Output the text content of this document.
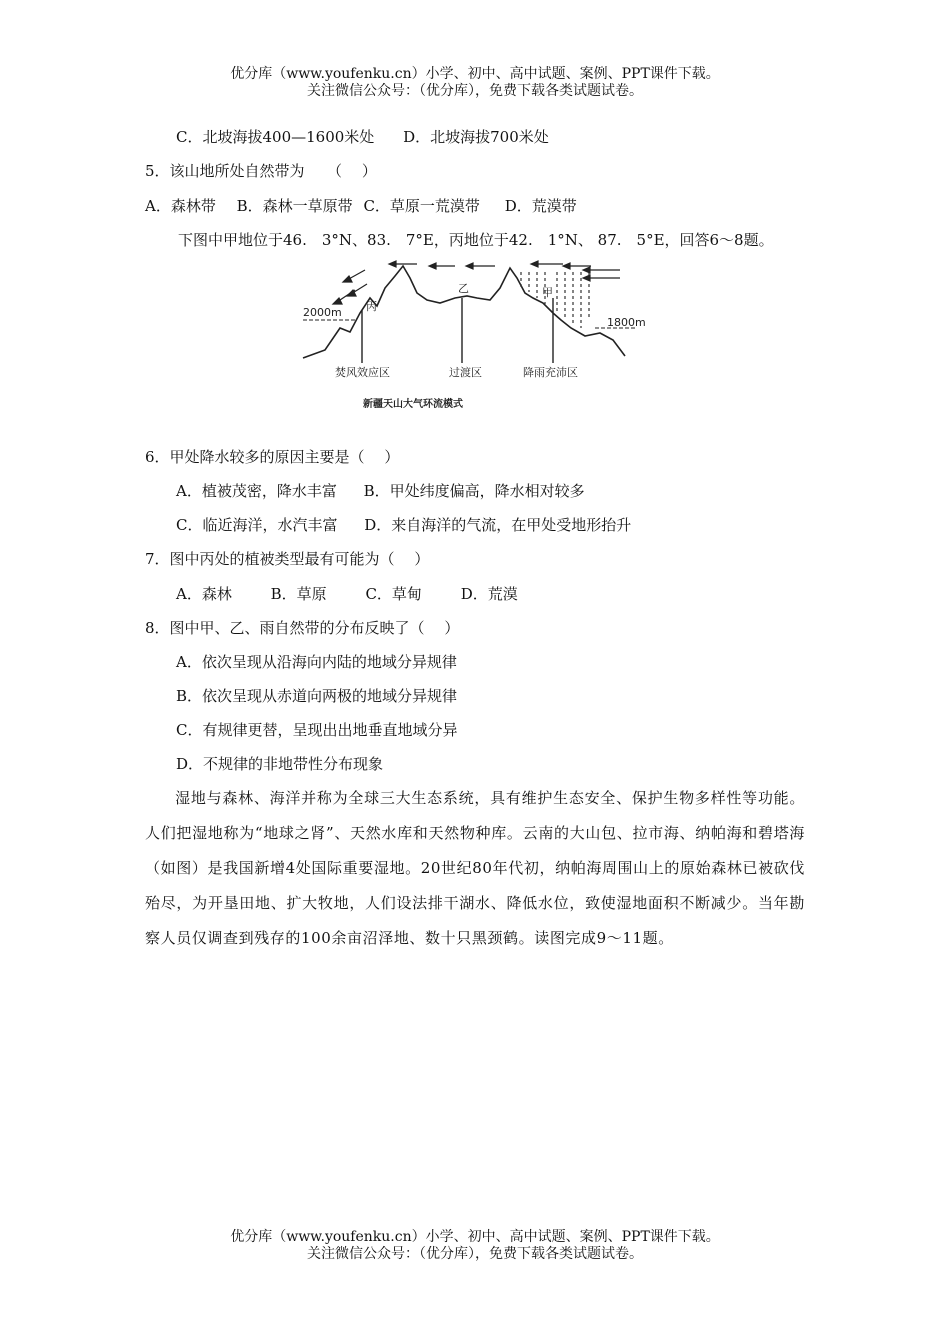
优分库（www.youfenku.cn）小学、初中、高中试题、案例、PPT课件下载。
关注微信公众号：（优分库），免费下载各类试题试卷。
C．北坡海拔400—1600米处 D．北坡海拔700米处
5．该山地所处自然带为　　（　 ）
A．森林带 B．森林一草原带 C．草原一荒漠带 D．荒漠带
下图中甲地位于46.　3°N、83.　7°E，丙地位于42.　1°N、 87.　5°E，回答6～8题。
2000m
1800m
丙
乙	甲
焚风效应区	过渡区	降雨充沛区
新疆天山大气环流模式
6．甲处降水较多的原因主要是（　 ）
A．植被茂密，降水丰富 B．甲处纬度偏高，降水相对较多
C．临近海洋，水汽丰富 D．来自海洋的气流，在甲处受地形抬升
7．图中丙处的植被类型最有可能为（　 ）
A．森林	B．草原	C．草甸	D．荒漠
8．图中甲、乙、雨自然带的分布反映了（　 ）
A．依次呈现从沿海向内陆的地域分异规律
B．依次呈现从赤道向两极的地域分异规律
C．有规律更替，呈现出出地垂直地域分异
D．不规律的非地带性分布现象
湿地与森林、海洋并称为全球三大生态系统，具有维护生态安全、保护生物多样性等功能。人们把湿地称为“地球之肾”、天然水库和天然物种库。云南的大山包、拉市海、纳帕海和碧塔海（如图）是我国新增4处国际重要湿地。20世纪80年代初，纳帕海周围山上的原始森林已被砍伐殆尽，为开垦田地、扩大牧地，人们设法排干湖水、降低水位，致使湿地面积不断减少。当年勘察人员仅调查到残存的100余亩沼泽地、数十只黑颈鹤。读图完成9～11题。
优分库（www.youfenku.cn）小学、初中、高中试题、案例、PPT课件下载。
关注微信公众号：（优分库），免费下载各类试题试卷。
